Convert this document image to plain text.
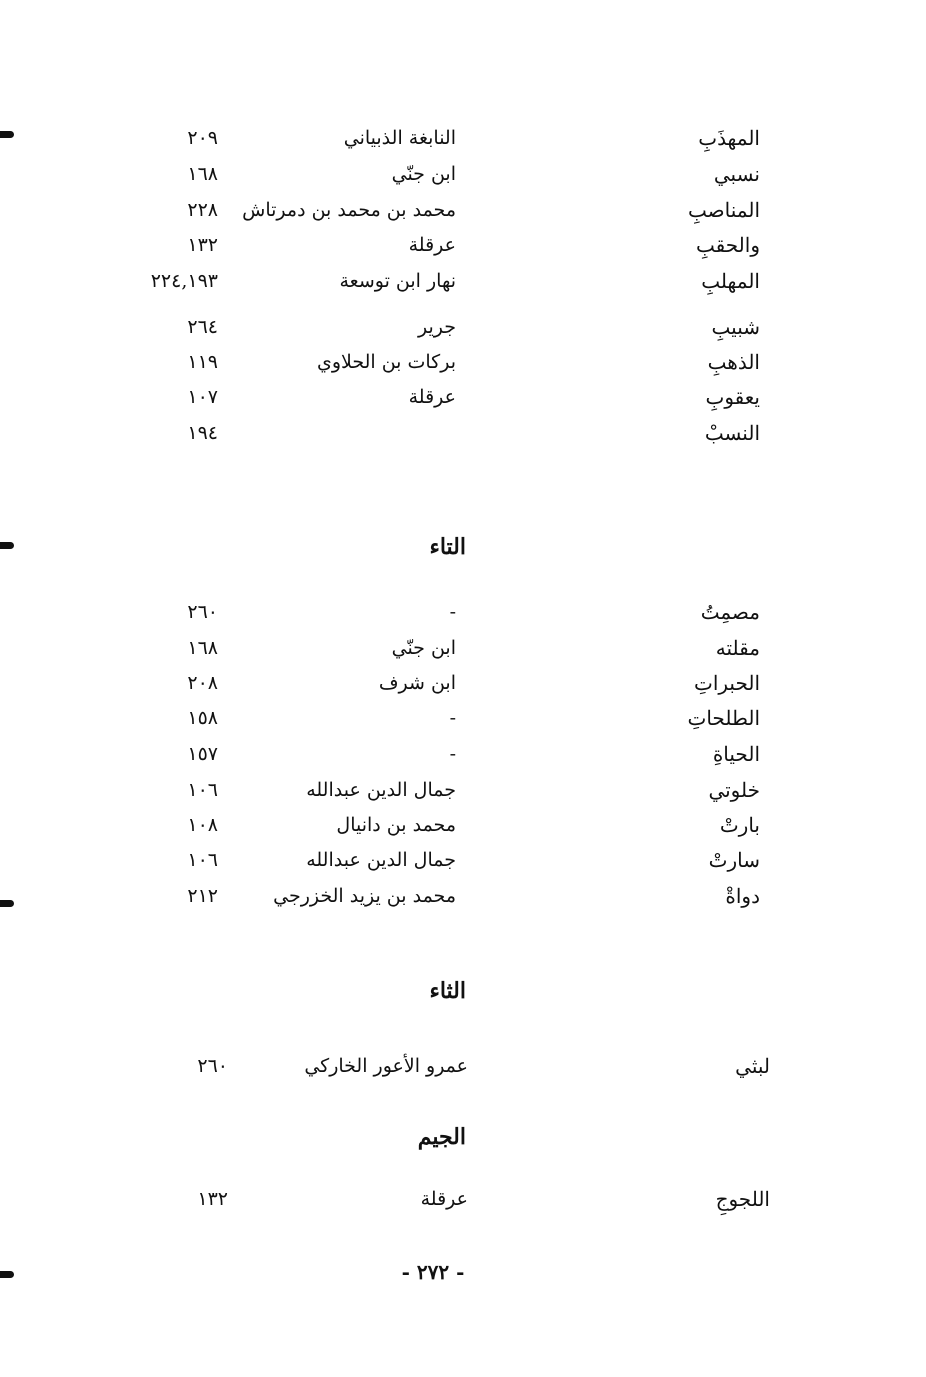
المهذَبِ
النابغة الذبياني
٢٠٩
نسبي
ابن جنّي
١٦٨
المناصبِ
محمد بن محمد بن دمرتاش
٢٢٨
والحقبِ
عرقلة
١٣٢
المهلبِ
نهار ابن توسعة
٢٢٤,١٩٣
شبيبِ
جرير
٢٦٤
الذهبِ
بركات بن الحلاوي
١١٩
يعقوبِ
عرقلة
١٠٧
النسبْ
١٩٤
التاء
مصمِتُ
-
٢٦٠
مقلته
ابن جنّي
١٦٨
الحبراتِ
ابن شرف
٢٠٨
الطلحاتِ
-
١٥٨
الحياةِ
-
١٥٧
خلوتي
جمال الدين عبدالله
١٠٦
بارتْ
محمد بن دانيال
١٠٨
سارتْ
جمال الدين عبدالله
١٠٦
دواةْ
محمد بن يزيد الخزرجي
٢١٢
الثاء
لبثي
عمرو الأعور الخاركي
٢٦٠
الجيم
اللجوجِ
عرقلة
١٣٢
- ٢٧٢ -
